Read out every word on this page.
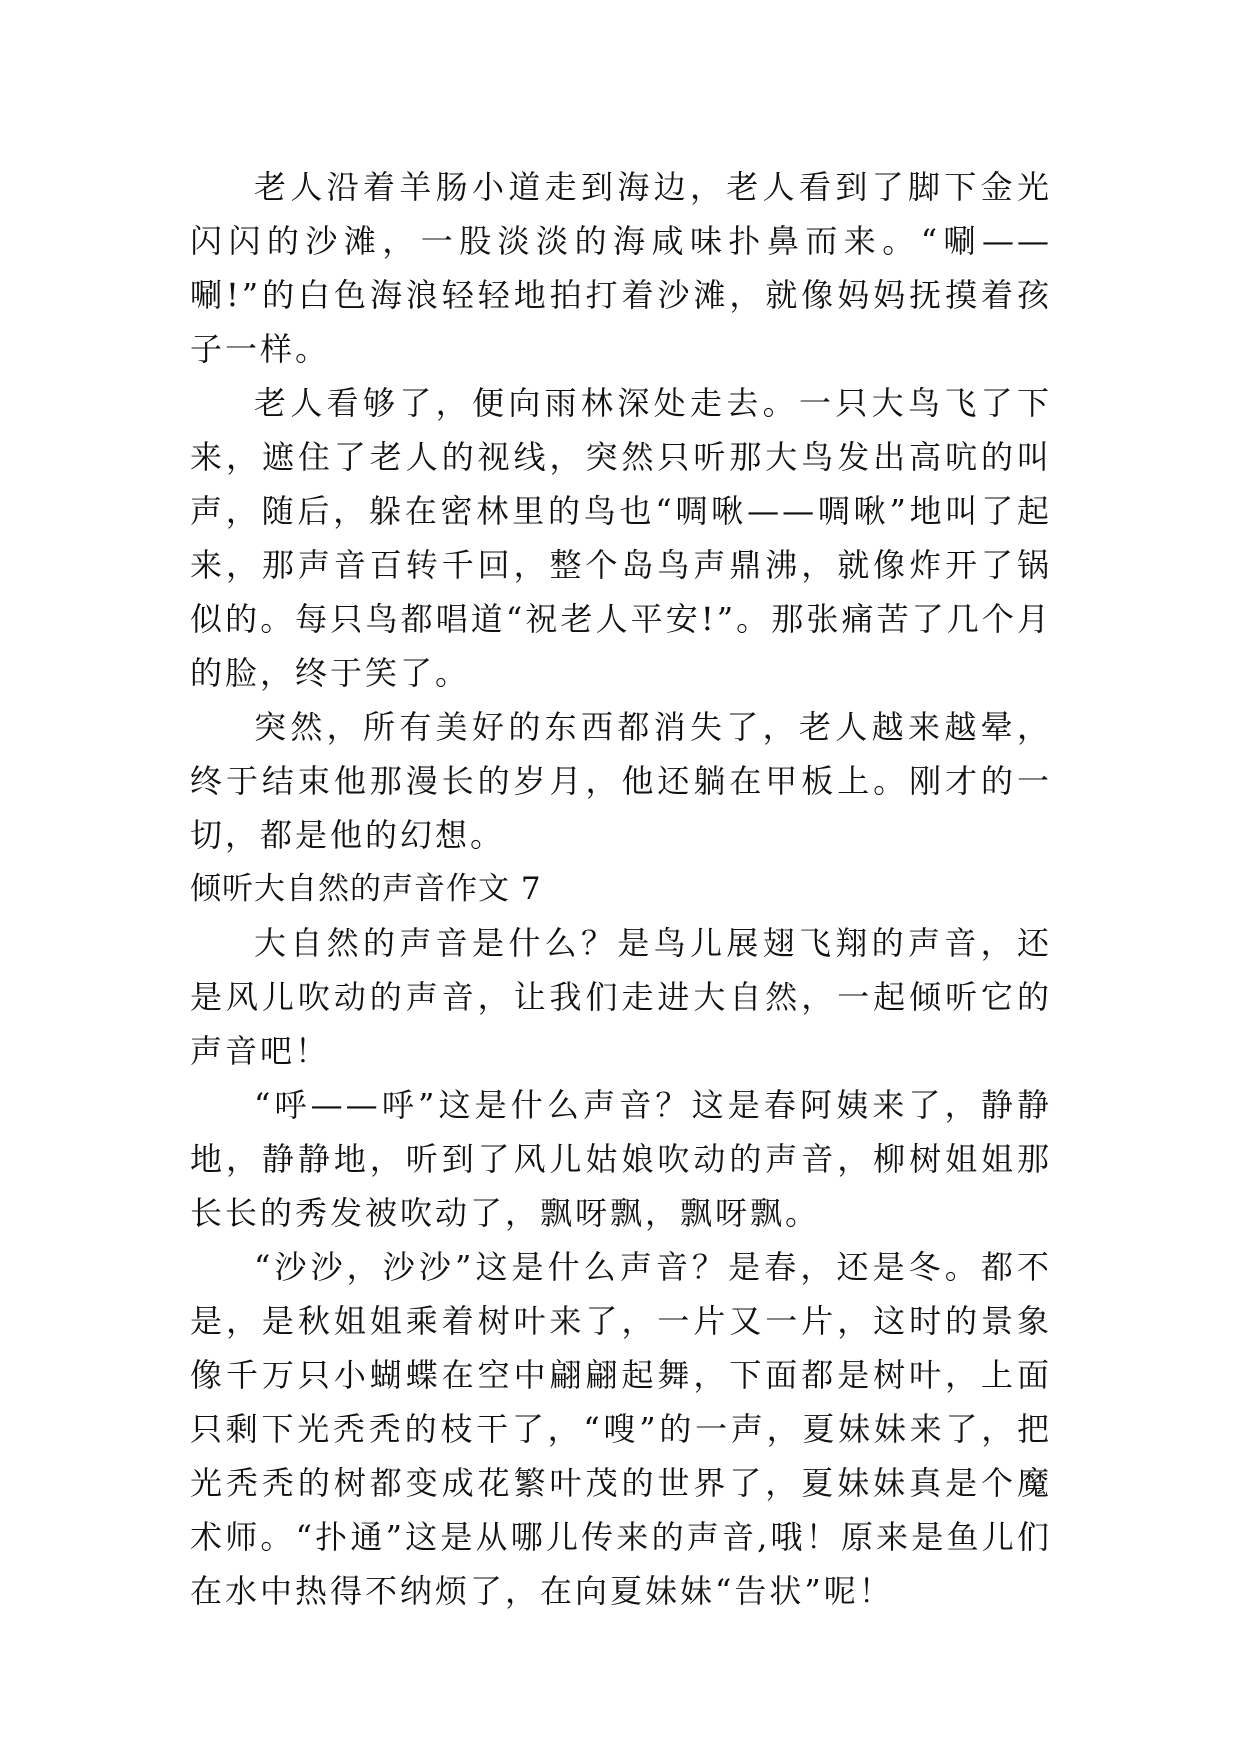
老人沿着羊肠小道走到海边，老人看到了脚下金光闪闪的沙滩，一股淡淡的海咸味扑鼻而来。“唰——唰!”的白色海浪轻轻地拍打着沙滩，就像妈妈抚摸着孩子一样。

老人看够了，便向雨林深处走去。一只大鸟飞了下来，遮住了老人的视线，突然只听那大鸟发出高吭的叫声，随后，躲在密林里的鸟也“啁啾——啁啾”地叫了起来，那声音百转千回，整个岛鸟声鼎沸，就像炸开了锅似的。每只鸟都唱道“祝老人平安!”。那张痛苦了几个月的脸，终于笑了。

突然，所有美好的东西都消失了，老人越来越晕，终于结束他那漫长的岁月，他还躺在甲板上。刚才的一切，都是他的幻想。

倾听大自然的声音作文 7

大自然的声音是什么？是鸟儿展翅飞翔的声音，还是风儿吹动的声音，让我们走进大自然，一起倾听它的声音吧！

“呼——呼”这是什么声音？这是春阿姨来了，静静地，静静地，听到了风儿姑娘吹动的声音，柳树姐姐那长长的秀发被吹动了，飘呀飘，飘呀飘。

“沙沙，沙沙”这是什么声音？是春，还是冬。都不是，是秋姐姐乘着树叶来了，一片又一片，这时的景象像千万只小蝴蝶在空中翩翩起舞，下面都是树叶，上面只剩下光秃秃的枝干了，“嗖”的一声，夏妹妹来了，把光秃秃的树都变成花繁叶茂的世界了，夏妹妹真是个魔术师。“扑通”这是从哪儿传来的声音,哦！原来是鱼儿们在水中热得不纳烦了，在向夏妹妹“告状”呢！
